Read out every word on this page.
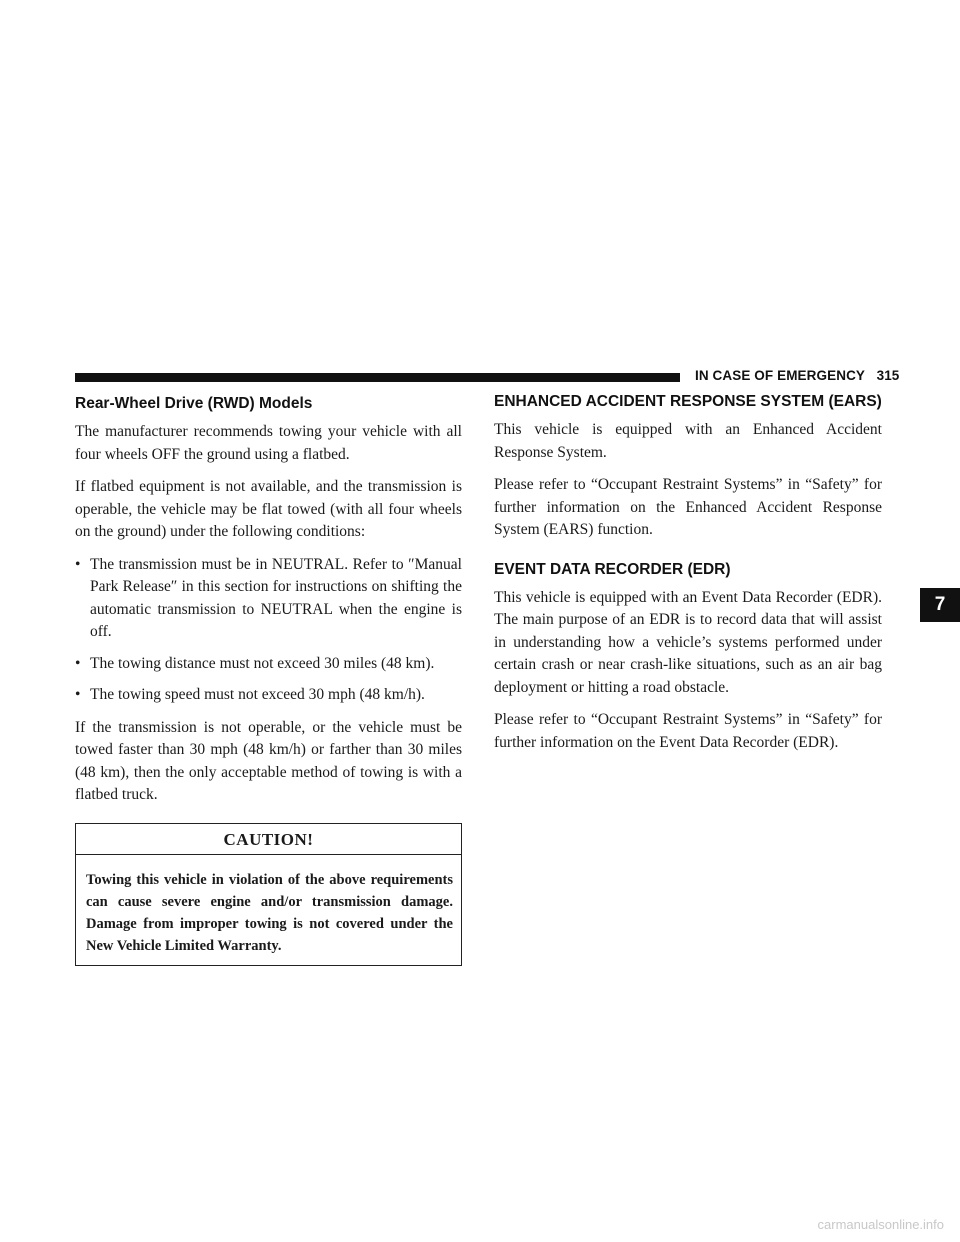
IN CASE OF EMERGENCY 315
Rear-Wheel Drive (RWD) Models

The manufacturer recommends towing your vehicle with all four wheels OFF the ground using a flatbed.

If flatbed equipment is not available, and the transmission is operable, the vehicle may be flat towed (with all four wheels on the ground) under the following conditions:

• The transmission must be in NEUTRAL. Refer to ″Manual Park Release″ in this section for instructions on shifting the automatic transmission to NEUTRAL when the engine is off.
• The towing distance must not exceed 30 miles (48 km).
• The towing speed must not exceed 30 mph (48 km/h).

If the transmission is not operable, or the vehicle must be towed faster than 30 mph (48 km/h) or farther than 30 miles (48 km), then the only acceptable method of towing is with a flatbed truck.

CAUTION!
Towing this vehicle in violation of the above requirements can cause severe engine and/or transmission damage. Damage from improper towing is not covered under the New Vehicle Limited Warranty.
ENHANCED ACCIDENT RESPONSE SYSTEM (EARS)

This vehicle is equipped with an Enhanced Accident Response System.

Please refer to “Occupant Restraint Systems” in “Safety” for further information on the Enhanced Accident Response System (EARS) function.

EVENT DATA RECORDER (EDR)

This vehicle is equipped with an Event Data Recorder (EDR). The main purpose of an EDR is to record data that will assist in understanding how a vehicle’s systems performed under certain crash or near crash-like situations, such as an air bag deployment or hitting a road obstacle.

Please refer to “Occupant Restraint Systems” in “Safety” for further information on the Event Data Recorder (EDR).

7
carmanualsonline.info
